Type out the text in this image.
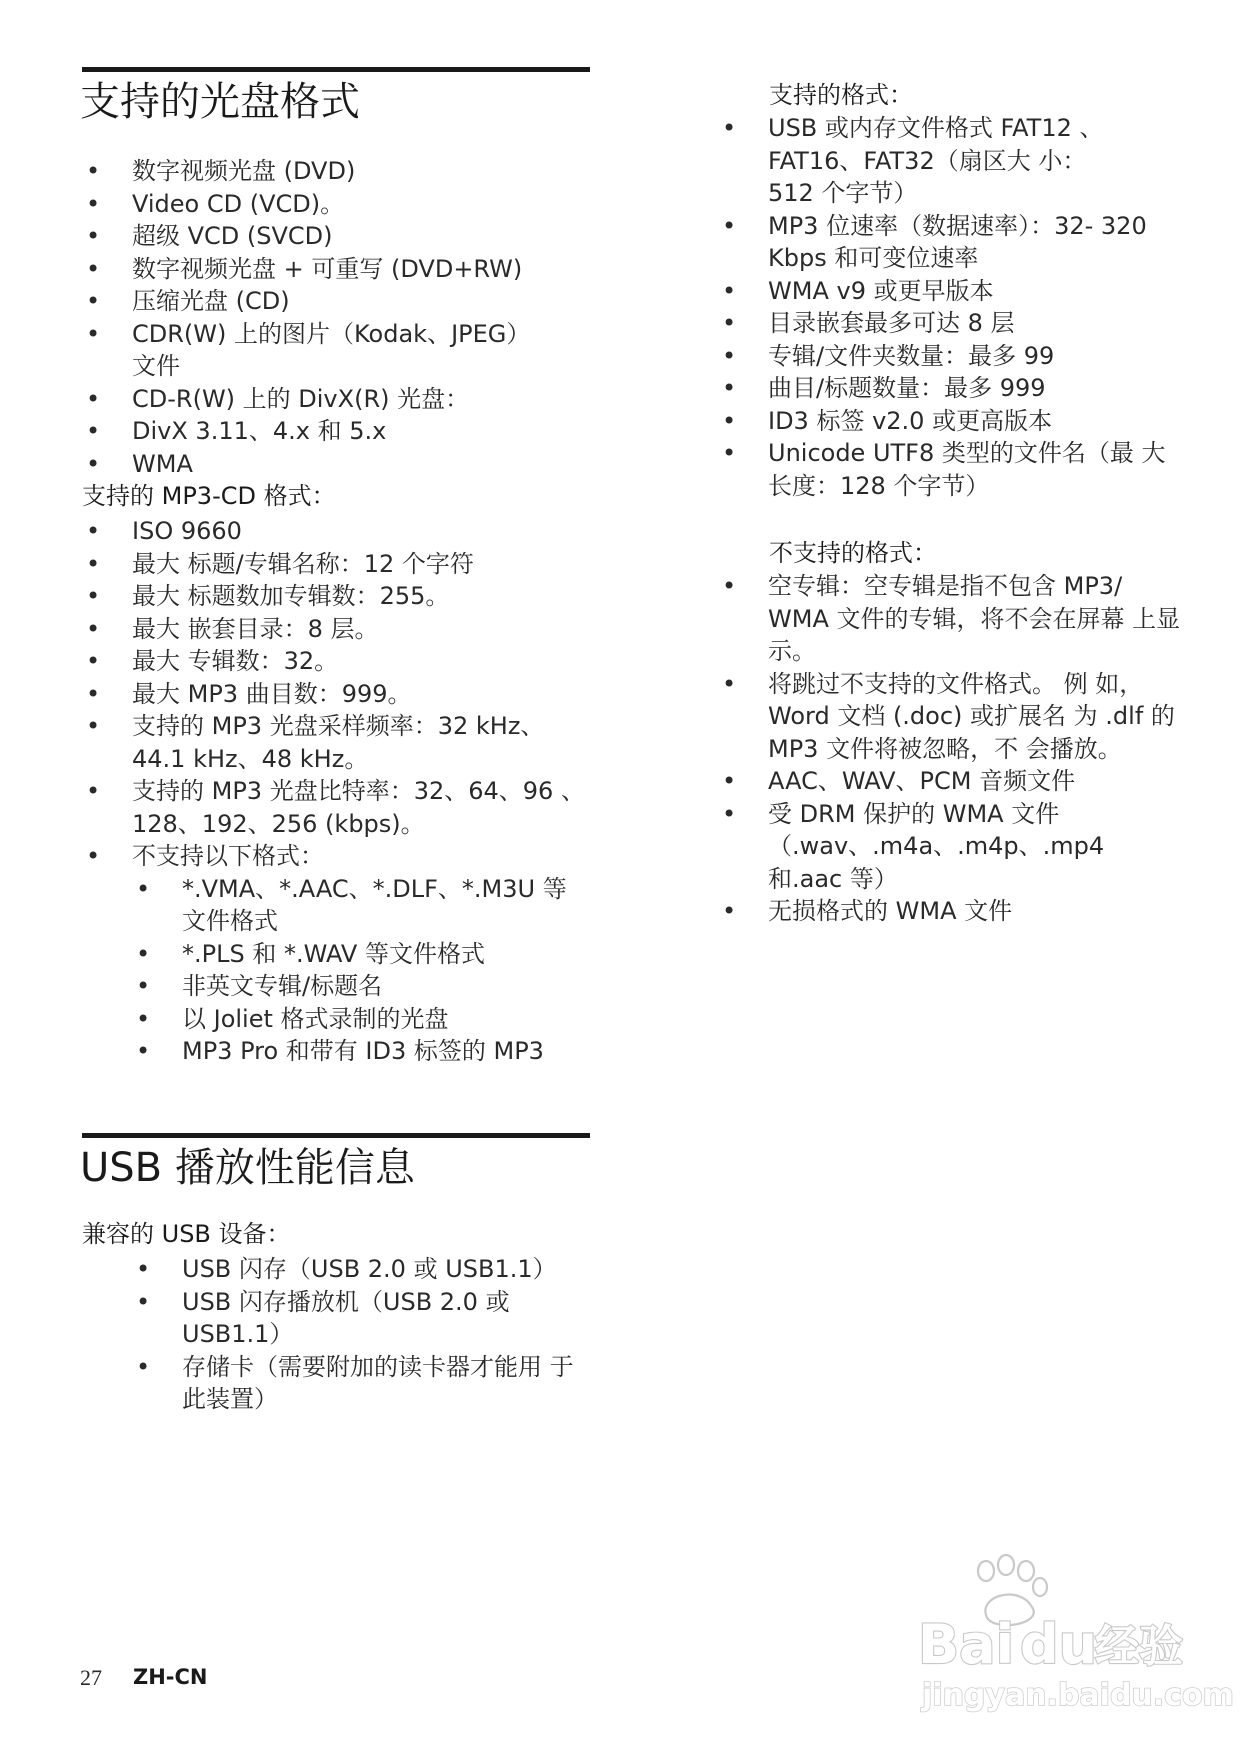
支持的光盘格式
• 数字视频光盘 (DVD)
• Video CD (VCD)。
• 超级 VCD (SVCD)
• 数字视频光盘 + 可重写 (DVD+RW)
• 压缩光盘 (CD)
• CDR(W) 上的图片（Kodak、JPEG） 文件
• CD-R(W) 上的 DivX(R) 光盘：
• DivX 3.11、4.x 和 5.x
• WMA

支持的 MP3-CD 格式：

• ISO 9660
• 最大 标题/专辑名称：12 个字符
• 最大 标题数加专辑数：255。
• 最大 嵌套目录：8 层。
• 最大 专辑数：32。
• 最大 MP3 曲目数：999。
• 支持的 MP3 光盘采样频率：32 kHz、44.1 kHz、48 kHz。
• 支持的 MP3 光盘比特率：32、64、96 、128、192、256 (kbps)。
• 不支持以下格式：
• *.VMA、*.AAC、*.DLF、*.M3U 等 文件格式
• *.PLS 和 *.WAV 等文件格式
• 非英文专辑/标题名
• 以 Joliet 格式录制的光盘
• MP3 Pro 和带有 ID3 标签的 MP3
USB 播放性能信息

兼容的 USB 设备：

• USB 闪存（USB 2.0 或 USB1.1）
• USB 闪存播放机（USB 2.0 或 USB1.1）
• 存储卡（需要附加的读卡器才能用 于此装置）

支持的格式：

• USB 或内存文件格式 FAT12 、FAT16、FAT32（扇区大 小：512 个字节）
• MP3 位速率（数据速率）：32- 320 Kbps 和可变位速率
• WMA v9 或更早版本
• 目录嵌套最多可达 8 层
• 专辑/文件夹数量：最多 99
• 曲目/标题数量：最多 999
• ID3 标签 v2.0 或更高版本
• Unicode UTF8 类型的文件名（最 大长度：128 个字节）

不支持的格式：

• 空专辑：空专辑是指不包含 MP3/ WMA 文件的专辑，将不会在屏幕 上显示。
• 将跳过不支持的文件格式。 例 如，Word 文档 (.doc) 或扩展名 为 .dlf 的 MP3 文件将被忽略，不 会播放。
• AAC、WAV、PCM 音频文件
• 受 DRM 保护的 WMA 文件 （.wav、.m4a、.m4p、.mp4 和.aac 等）
• 无损格式的 WMA 文件
27 ZH-CN
Bai du
经验
jingyan.baidu.com
